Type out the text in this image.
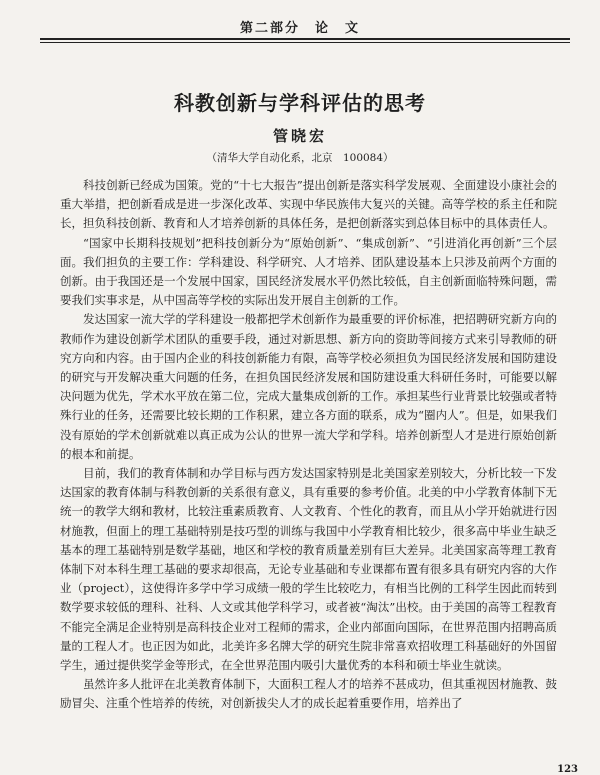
第二部分　论　文
科教创新与学科评估的思考
管晓宏
（清华大学自动化系，北京　100084）

科技创新已经成为国策。党的“十七大报告”提出创新是落实科学发展观、全面建设小康社会的重大举措，把创新看成是进一步深化改革、实现中华民族伟大复兴的关键。高等学校的系主任和院长，担负科技创新、教育和人才培养创新的具体任务，是把创新落实到总体目标中的具体责任人。

“国家中长期科技规划”把科技创新分为“原始创新”、“集成创新”、“引进消化再创新”三个层面。我们担负的主要工作：学科建设、科学研究、人才培养、团队建设基本上只涉及前两个方面的创新。由于我国还是一个发展中国家，国民经济发展水平仍然比较低，自主创新面临特殊问题，需要我们实事求是，从中国高等学校的实际出发开展自主创新的工作。

发达国家一流大学的学科建设一般都把学术创新作为最重要的评价标准，把招聘研究新方向的教师作为建设创新学术团队的重要手段，通过对新思想、新方向的资助等间接方式来引导教师的研究方向和内容。由于国内企业的科技创新能力有限，高等学校必须担负为国民经济发展和国防建设的研究与开发解决重大问题的任务，在担负国民经济发展和国防建设重大科研任务时，可能要以解决问题为优先，学术水平放在第二位，完成大量集成创新的工作。承担某些行业背景比较强或者特殊行业的任务，还需要比较长期的工作积累，建立各方面的联系，成为“圈内人”。但是，如果我们没有原始的学术创新就难以真正成为公认的世界一流大学和学科。培养创新型人才是进行原始创新的根本和前提。

目前，我们的教育体制和办学目标与西方发达国家特别是北美国家差别较大，分析比较一下发达国家的教育体制与科教创新的关系很有意义，具有重要的参考价值。北美的中小学教育体制下无统一的教学大纲和教材，比较注重素质教育、人文教育、个性化的教育，而且从小学开始就进行因材施教，但面上的理工基础特别是技巧型的训练与我国中小学教育相比较少，很多高中毕业生缺乏基本的理工基础特别是数学基础，地区和学校的教育质量差别有巨大差异。北美国家高等理工教育体制下对本科生理工基础的要求却很高，无论专业基础和专业课都布置有很多具有研究内容的大作业（project），这使得许多学中学习成绩一般的学生比较吃力，有相当比例的工科学生因此而转到数学要求较低的理科、社科、人文或其他学科学习，或者被“淘汰”出校。由于美国的高等工程教育不能完全满足企业特别是高科技企业对工程师的需求，企业内部面向国际，在世界范围内招聘高质量的工程人才。也正因为如此，北美许多名牌大学的研究生院非常喜欢招收理工科基础好的外国留学生，通过提供奖学金等形式，在全世界范围内吸引大量优秀的本科和硕士毕业生就读。

虽然许多人批评在北美教育体制下，大面积工程人才的培养不甚成功，但其重视因材施教、鼓励冒尖、注重个性培养的传统，对创新拔尖人才的成长起着重要作用，培养出了

123
